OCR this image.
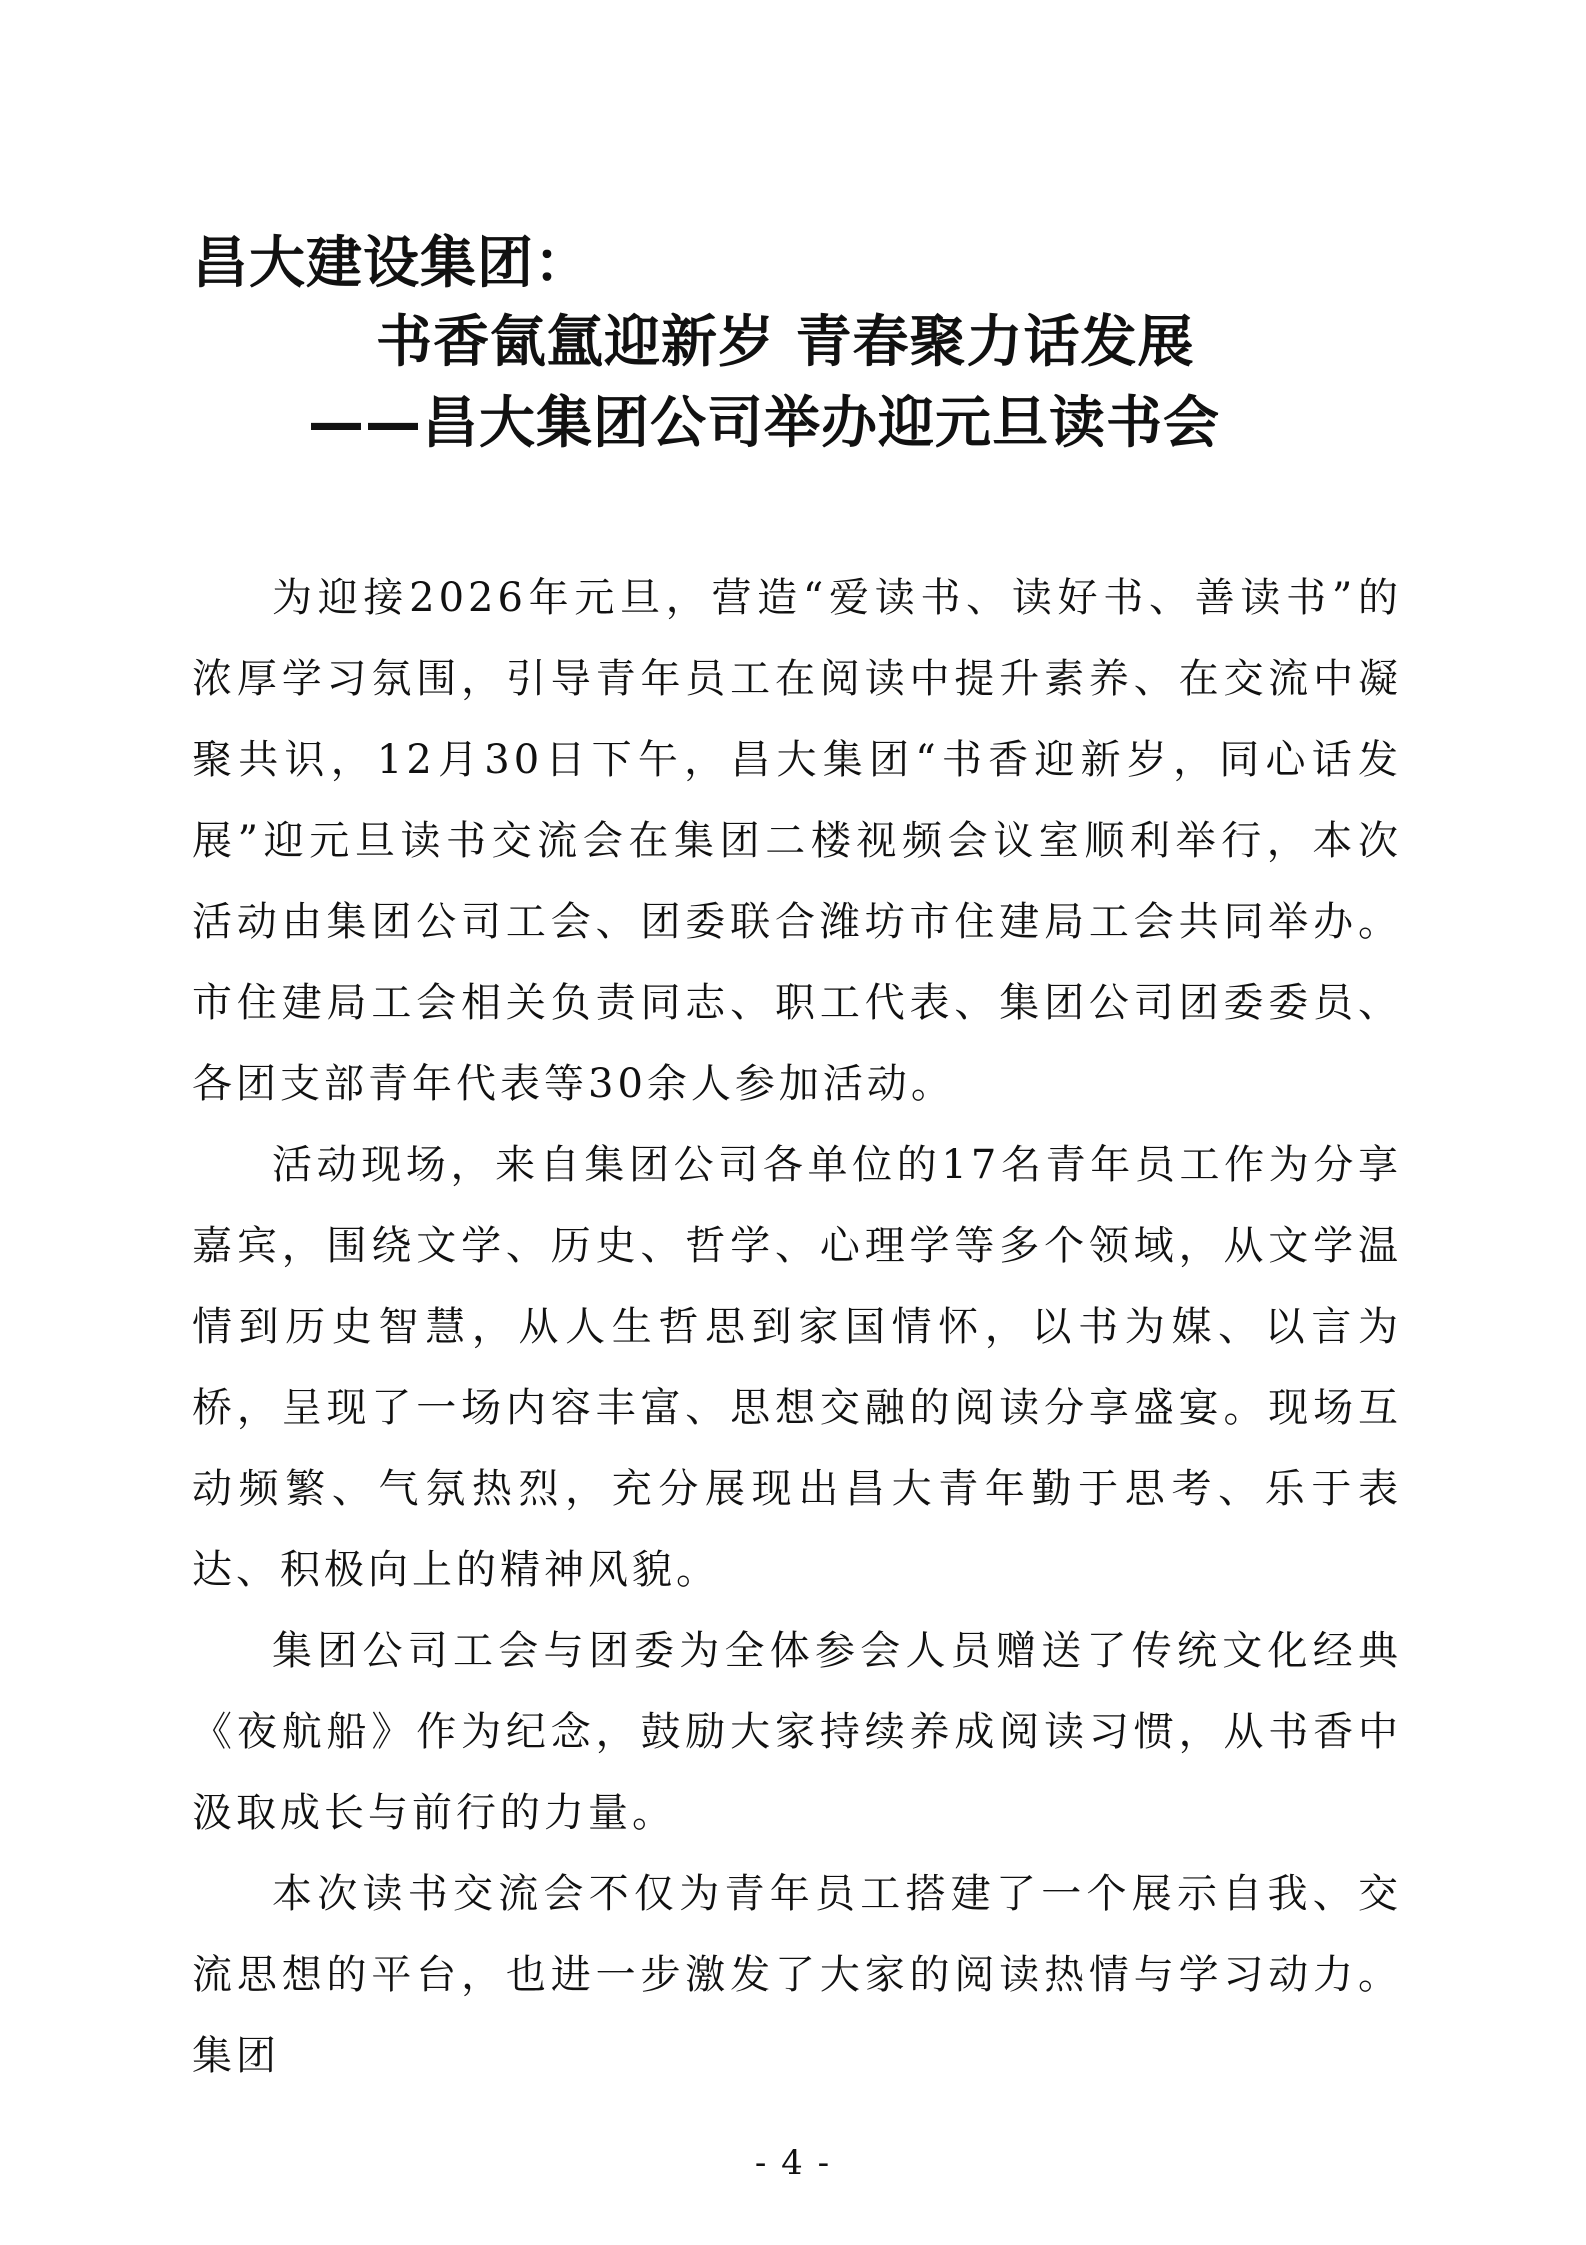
昌大建设集团：
书香氤氲迎新岁 青春聚力话发展
——昌大集团公司举办迎元旦读书会

为迎接2026年元旦，营造“爱读书、读好书、善读书”的浓厚学习氛围，引导青年员工在阅读中提升素养、在交流中凝聚共识，12月30日下午，昌大集团“书香迎新岁，同心话发展”迎元旦读书交流会在集团二楼视频会议室顺利举行，本次活动由集团公司工会、团委联合潍坊市住建局工会共同举办。市住建局工会相关负责同志、职工代表、集团公司团委委员、各团支部青年代表等30余人参加活动。

活动现场，来自集团公司各单位的17名青年员工作为分享嘉宾，围绕文学、历史、哲学、心理学等多个领域，从文学温情到历史智慧，从人生哲思到家国情怀，以书为媒、以言为桥，呈现了一场内容丰富、思想交融的阅读分享盛宴。现场互动频繁、气氛热烈，充分展现出昌大青年勤于思考、乐于表达、积极向上的精神风貌。

集团公司工会与团委为全体参会人员赠送了传统文化经典《夜航船》作为纪念，鼓励大家持续养成阅读习惯，从书香中汲取成长与前行的力量。

本次读书交流会不仅为青年员工搭建了一个展示自我、交流思想的平台，也进一步激发了大家的阅读热情与学习动力。集团

- 4 -
